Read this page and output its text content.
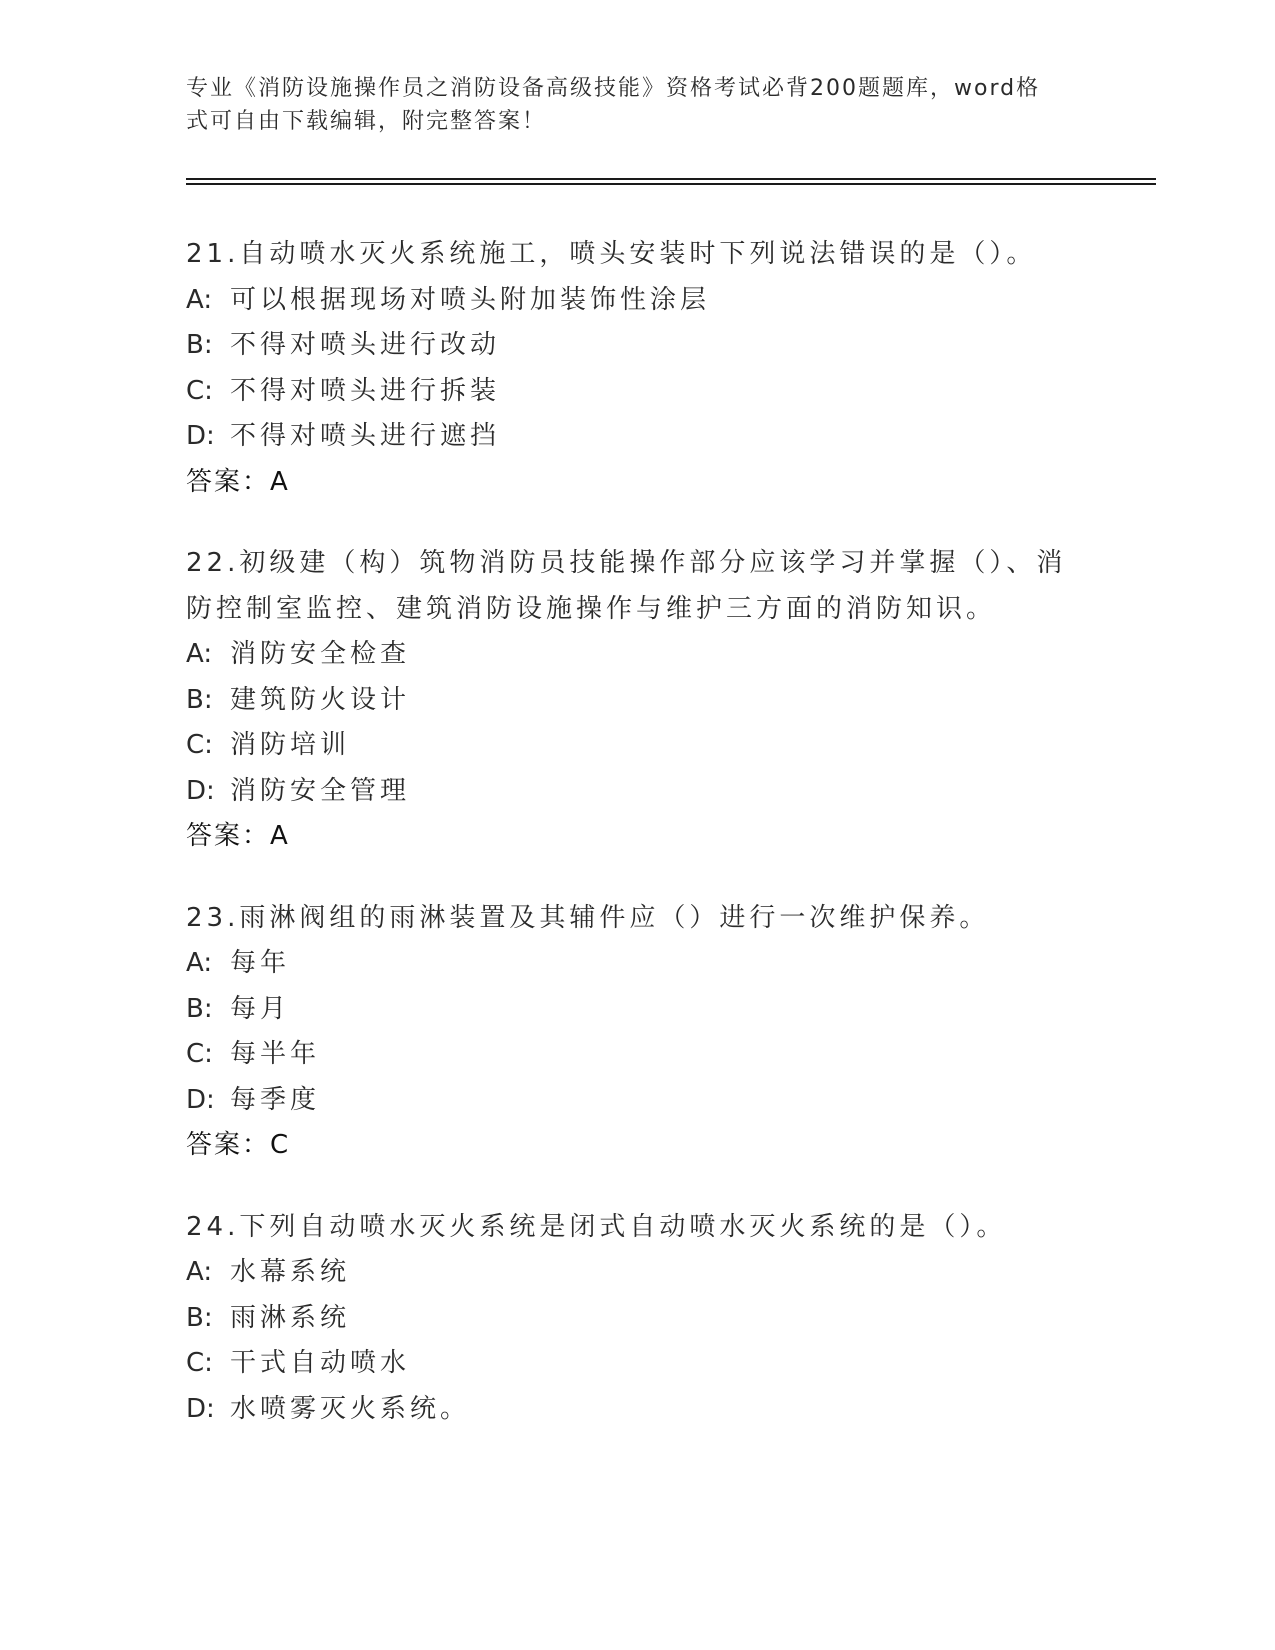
专业《消防设施操作员之消防设备高级技能》资格考试必背200题题库，word格
式可自由下载编辑，附完整答案！
21.自动喷水灭火系统施工，喷头安装时下列说法错误的是（）。
A: 可以根据现场对喷头附加装饰性涂层
B: 不得对喷头进行改动
C: 不得对喷头进行拆装
D: 不得对喷头进行遮挡
答案：A
22.初级建（构）筑物消防员技能操作部分应该学习并掌握（）、消防控制室监控、建筑消防设施操作与维护三方面的消防知识。
A: 消防安全检查
B: 建筑防火设计
C: 消防培训
D: 消防安全管理
答案：A
23.雨淋阀组的雨淋装置及其辅件应（）进行一次维护保养。
A: 每年
B: 每月
C: 每半年
D: 每季度
答案：C
24.下列自动喷水灭火系统是闭式自动喷水灭火系统的是（）。
A: 水幕系统
B: 雨淋系统
C: 干式自动喷水
D: 水喷雾灭火系统。
